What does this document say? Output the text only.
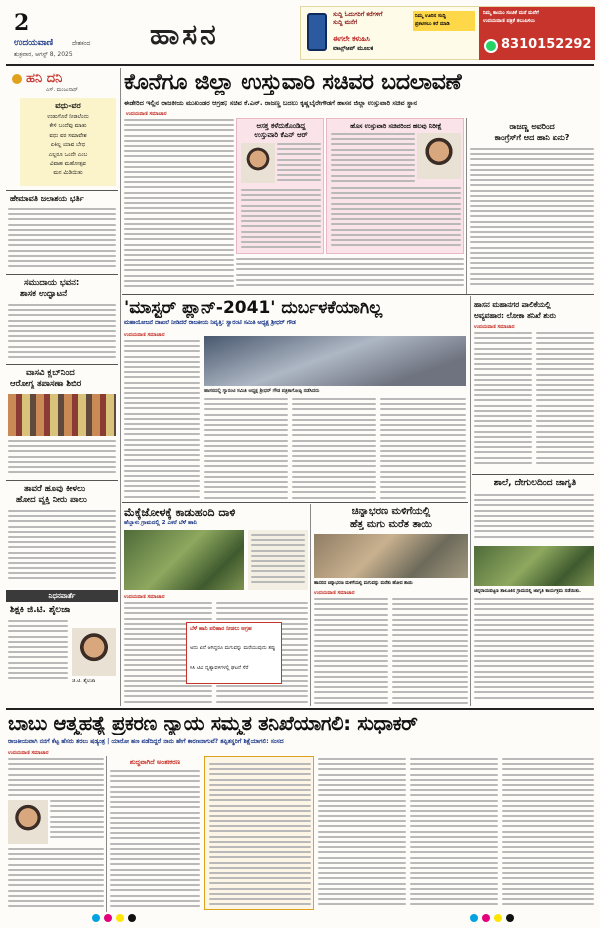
2
ಉದಯವಾಣಿ	ದೇಶಕಂದ
ಶುಕ್ರವಾರ, ಆಗಸ್ಟ್ 8, 2025
ಹಾಸನ
ಸುದ್ದಿ ಓದುಗರಿಗೆ ಕರೆಗಳಿಗೆ
ಸುದ್ದಿ ಮನೆಗೆ
ನಿಮ್ಮ ಊರಿನ ಸುದ್ದಿ
ಪ್ರಕಟಿಸಲು ಕರೆ ಮಾಡಿ
ಈಗಲೇ ಕಳುಹಿಸಿ
ವಾಟ್ಸ್ಆಪ್ ಮೂಲಕ
ನಿಮ್ಮ ಕಾಯಂ ಸಂಚಿಕೆ ಮನೆ ಮನೆಗೆ
ಉದಯವಾಣಿ ಪತ್ರಿಕೆ ತಲುಪಿಸಲು
8310152292
ಹನಿ ದನಿ
ಎಸ್. ಮಂಜುನಾಥ್
ವಧು-ವರ
ಉಡುಗೊರೆ ನೀಡಲೆಂದು
ಕೇಳಿ ಬಂದೆವು ಮಾತು
ವಧು ವರ ಸಮಾವೇಶ
ಏಕಿಲ್ಲ ಯಾವ ಬೇಧ
ಎಲ್ಲರೂ ಒಂದೇ ಎಂಬ
ವಿವಾಹ ಮಹೋತ್ಸವ
ಮನ ಮಿಡಿಯಿತು
ಹೇಮಾವತಿ ಜಲಾಶಯ ಭರ್ತಿ
ಸಮುದಾಯ ಭವನ:
ಶಾಸಕ ಉದ್ಘಾಟನೆ
ವಾಸವಿ ಕ್ಲಬ್‌ನಿಂದ
ಆರೋಗ್ಯ ತಪಾಸಣಾ ಶಿಬಿರ
ತಾವರೆ ಹೂವು ಕೀಳಲು
ಹೋದ ವ್ಯಕ್ತಿ ನೀರು ಪಾಲು
ನಿಧನವಾರ್ತೆ
ಶಿಕ್ಷಕಿ ಜಿ.ಟಿ. ಶೈಲಜಾ
ಜಿ.ಟಿ. ಶೈಲಜಾ
ಕೊನೆಗೂ ಜಿಲ್ಲಾ ಉಸ್ತುವಾರಿ ಸಚಿವರ ಬದಲಾವಣೆ
ಈಡೇರಿದ ಇಲ್ಲಿನ ರಾಜಕೀಯ ಮುಖಂಡರ ಆಗ್ರಹ; ಸಚಿವ ಕೆ.ಎನ್. ರಾಜಣ್ಣ ಬದಲು ಕೃಷ್ಣಬೈರೇಗೌಡಗೆ ಹಾಸನ ಜಿಲ್ಲಾ ಉಸ್ತುವಾರಿ ಸಚಿವ ಸ್ಥಾನ
ಉದಯವಾಣಿ ಸಮಾಚಾರ
ಆಸಕ್ತ ಕಳೆದುಕೊಂಡಿದ್ದ
ಉಸ್ತುವಾರಿ ಕೆಎನ್ ಆರ್
ಹೊಸ ಉಸ್ತುವಾರಿ ಸಚಿವರಿಂದ ಹಲವು ನಿರೀಕ್ಷೆ	ರಾಜಣ್ಣ ಅವರಿಂದ
ಕಾಂಗ್ರೆಸ್‌ಗೆ ಆದ ಹಾನಿ ಏನು?
'ಮಾಸ್ಟರ್ ಪ್ಲಾನ್-2041' ದುರ್ಬಳಕೆಯಾಗಿಲ್ಲ
ಮಹಾಯೋಜನೆ ದಾಖಲೆ ನೀಡಿದರೆ ರಾಜಕೀಯ ನಿವೃತ್ತಿ: ಸ್ವಾರಂಟಿ ಸಮಿತಿ ಅಧ್ಯಕ್ಷ ಶ್ರೀಧರ್ ಗೌಡ
ಉದಯವಾಣಿ ಸಮಾಚಾರ
ಹಾಸನದಲ್ಲಿ ಗ್ಯಾರಂಟಿ ಸಮಿತಿ ಅಧ್ಯಕ್ಷ ಶ್ರೀಧರ್ ಗೌಡ ಪತ್ರಿಕಾಗೋಷ್ಠಿ ನಡೆಸಿದರು
ಹಾಸನ ಮಹಾನಗರ ಪಾಲಿಕೆಯಲ್ಲಿ
ಅವ್ಯವಹಾರ: ಲೋಕಾ ತನಿಖೆ ಶುರು
ಉದಯವಾಣಿ ಸಮಾಚಾರ
ಶಾಲೆ, ದೇಗುಲದಿಂದ ಜಾಗೃತಿ
ಚನ್ನರಾಯಪಟ್ಟಣ ತಾಲೂಕಿನ ಗ್ರಾಮದಲ್ಲಿ ಜಾಗೃತಿ ಕಾರ್ಯಕ್ರಮ ನಡೆಯಿತು.
ಮೆಕ್ಕೆಜೋಳಕ್ಕೆ ಕಾಡುಹಂದಿ ದಾಳಿ
ಹೆಬ್ಬಾಳು ಗ್ರಾಮದಲ್ಲಿ 2 ಎಕರೆ ಬೆಳೆ ಹಾನಿ
ಉದಯವಾಣಿ ಸಮಾಚಾರ
ಚಿನ್ನಾಭರಣ ಮಳಿಗೆಯಲ್ಲಿ
ಹೆತ್ತ ಮಗು ಮರೆತ ತಾಯಿ
ಹಾಸನದ ಚಿನ್ನಾಭರಣ ಮಳಿಗೆಯಲ್ಲಿ ಮಗುವನ್ನು ಮರೆತು ಹೋದ ತಾಯಿ
ಉದಯವಾಣಿ ಸಮಾಚಾರ
ಬೆಳೆ ಹಾನಿ ಪರಿಹಾರ ನೀಡಲು ಆಗ್ರಹ
ಅದು ಏನೆ ಆಗಿದ್ದರೂ ಮಗುವನ್ನು ಮರೆಯುವುದು ತಪ್ಪು
ಸಿಸಿ ಟಿವಿ ದೃಶ್ಯಾವಳಿಗಳಲ್ಲಿ ಘಟನೆ ಸೆರೆ
ಬಾಬು ಆತ್ಮಹತ್ಯೆ ಪ್ರಕರಣ ನ್ಯಾಯ ಸಮ್ಮತ ತನಿಖೆಯಾಗಲಿ: ಸುಧಾಕರ್
ರಾಜಕೀಯವಾಗಿ ನನಗೆ ಕೆಟ್ಟ ಹೆಸರು ತರಲು ಷಡ್ಯಂತ್ರ | ಯಾರೋ ಹಣ ಪಡೆದಿದ್ದರೆ ನಾನು ಹೇಗೆ ಕಾರಣನಾಗುವೆ? ತಪ್ಪಿತಸ್ಥರಿಗೆ ಶಿಕ್ಷೆಯಾಗಲಿ: ಸಂಸದ
ಉದಯವಾಣಿ ಸಮಾಚಾರ
ಶುದ್ಧವಾಗಿದೆ ಅಂತಃಕರಣ
